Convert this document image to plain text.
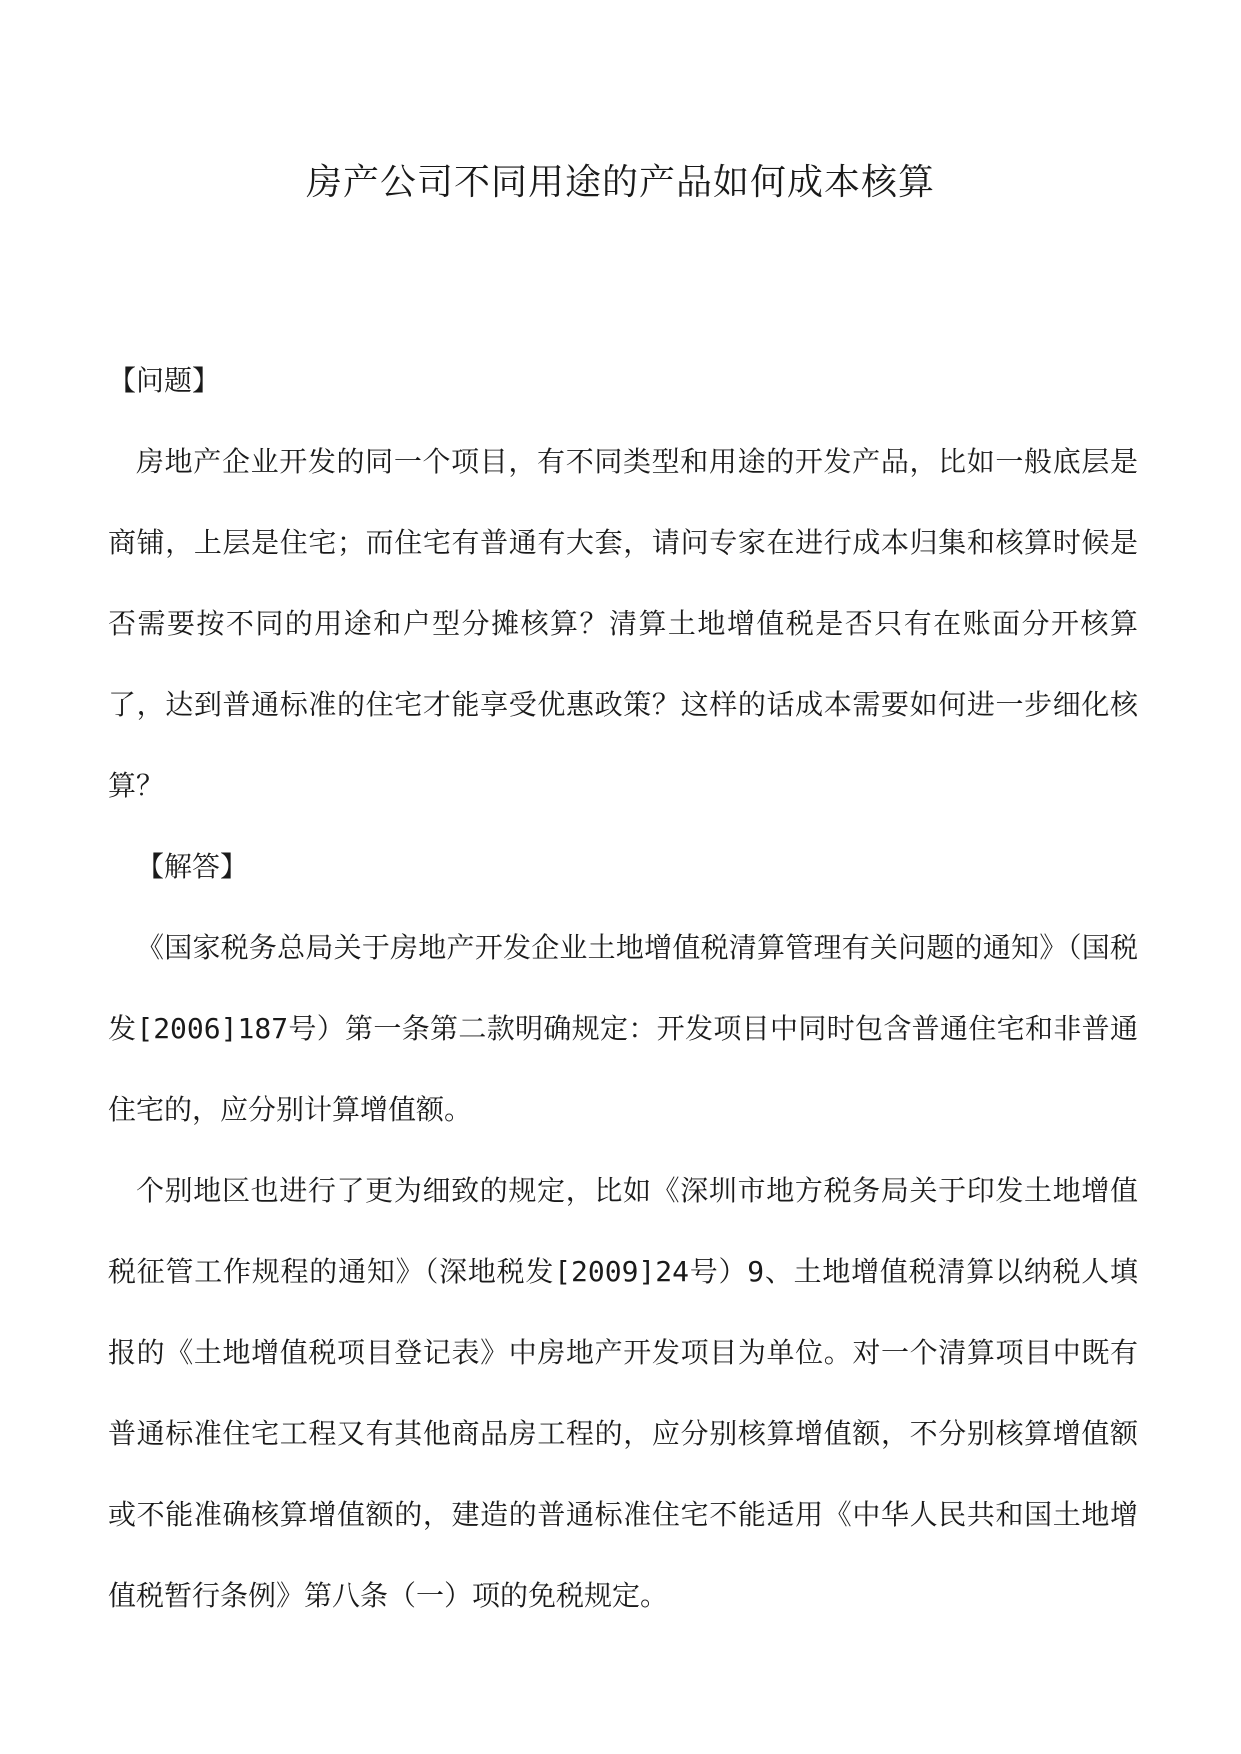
房产公司不同用途的产品如何成本核算

【问题】

房地产企业开发的同一个项目，有不同类型和用途的开发产品，比如一般底层是商铺，上层是住宅；而住宅有普通有大套，请问专家在进行成本归集和核算时候是否需要按不同的用途和户型分摊核算？清算土地增值税是否只有在账面分开核算了，达到普通标准的住宅才能享受优惠政策？这样的话成本需要如何进一步细化核算？

【解答】

《国家税务总局关于房地产开发企业土地增值税清算管理有关问题的通知》（国税发[2006]187号）第一条第二款明确规定：开发项目中同时包含普通住宅和非普通住宅的，应分别计算增值额。

个别地区也进行了更为细致的规定，比如《深圳市地方税务局关于印发土地增值税征管工作规程的通知》（深地税发[2009]24号）9、土地增值税清算以纳税人填报的《土地增值税项目登记表》中房地产开发项目为单位。对一个清算项目中既有普通标准住宅工程又有其他商品房工程的，应分别核算增值额，不分别核算增值额或不能准确核算增值额的，建造的普通标准住宅不能适用《中华人民共和国土地增值税暂行条例》第八条（一）项的免税规定。
